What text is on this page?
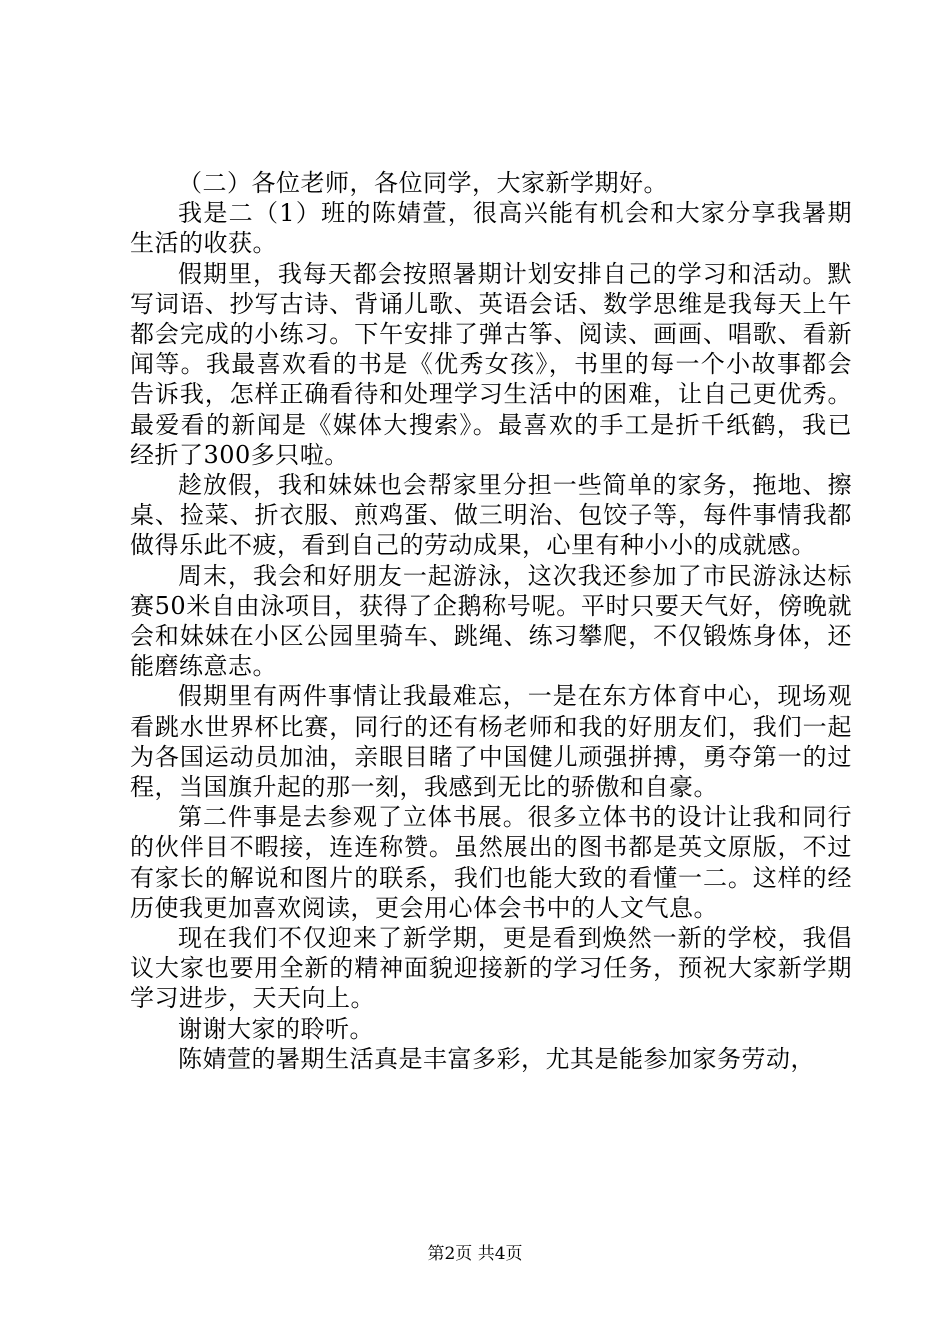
（二）各位老师，各位同学，大家新学期好。

我是二（1）班的陈婧萱，很高兴能有机会和大家分享我暑期生活的收获。

假期里，我每天都会按照暑期计划安排自己的学习和活动。默写词语、抄写古诗、背诵儿歌、英语会话、数学思维是我每天上午都会完成的小练习。下午安排了弹古筝、阅读、画画、唱歌、看新闻等。我最喜欢看的书是《优秀女孩》，书里的每一个小故事都会告诉我，怎样正确看待和处理学习生活中的困难，让自己更优秀。最爱看的新闻是《媒体大搜索》。最喜欢的手工是折千纸鹤，我已经折了300多只啦。

趁放假，我和妹妹也会帮家里分担一些简单的家务，拖地、擦桌、捡菜、折衣服、煎鸡蛋、做三明治、包饺子等，每件事情我都做得乐此不疲，看到自己的劳动成果，心里有种小小的成就感。

周末，我会和好朋友一起游泳，这次我还参加了市民游泳达标赛50米自由泳项目，获得了企鹅称号呢。平时只要天气好，傍晚就会和妹妹在小区公园里骑车、跳绳、练习攀爬，不仅锻炼身体，还能磨练意志。

假期里有两件事情让我最难忘，一是在东方体育中心，现场观看跳水世界杯比赛，同行的还有杨老师和我的好朋友们，我们一起为各国运动员加油，亲眼目睹了中国健儿顽强拼搏，勇夺第一的过程，当国旗升起的那一刻，我感到无比的骄傲和自豪。

第二件事是去参观了立体书展。很多立体书的设计让我和同行的伙伴目不暇接，连连称赞。虽然展出的图书都是英文原版，不过有家长的解说和图片的联系，我们也能大致的看懂一二。这样的经历使我更加喜欢阅读，更会用心体会书中的人文气息。

现在我们不仅迎来了新学期，更是看到焕然一新的学校，我倡议大家也要用全新的精神面貌迎接新的学习任务，预祝大家新学期学习进步，天天向上。

谢谢大家的聆听。

陈婧萱的暑期生活真是丰富多彩，尤其是能参加家务劳动，

第2页 共4页
